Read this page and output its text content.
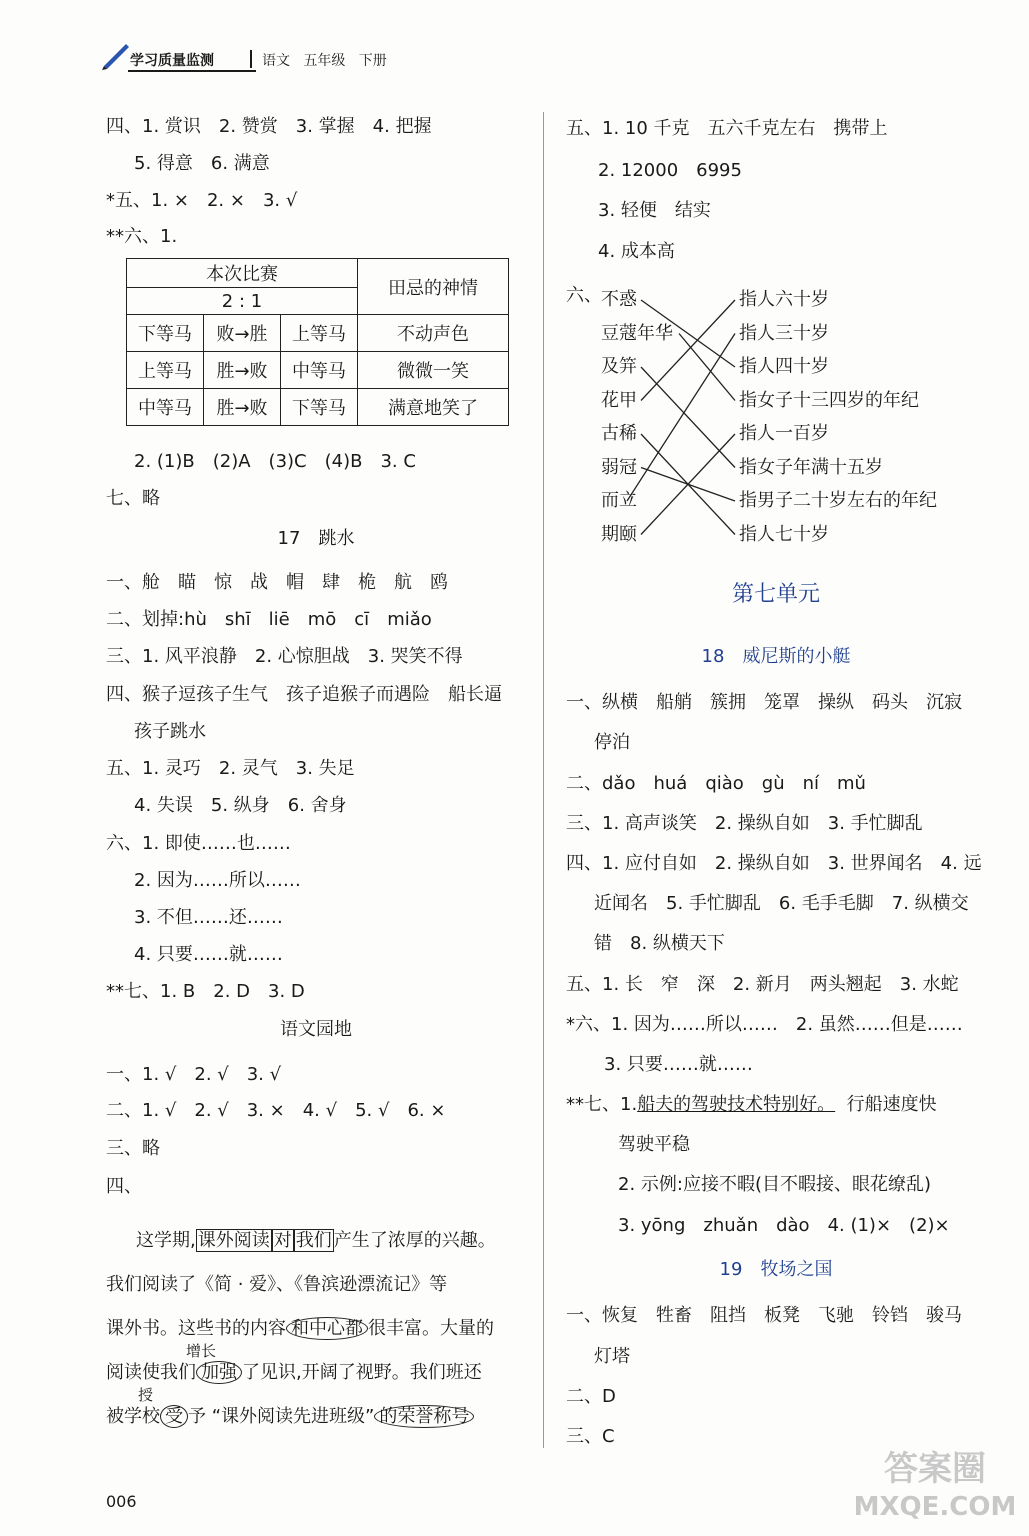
学习质量监测	语文 五年级 下册
四、1. 赏识　2. 赞赏　3. 掌握　4. 把握
5. 得意　6. 满意
*五、1. ×　2. ×　3. √
**六、1.
本次比赛			田忌的神情
2 : 1			
下等马	败→胜	上等马	不动声色
上等马	胜→败	中等马	微微一笑
中等马	胜→败	下等马	满意地笑了
2. (1)B　(2)A　(3)C　(4)B　3. C
七、略
17　跳水
一、舱　瞄　惊　战　帽　肆　桅　航　鸥
二、划掉:hù　shī　liē　mō　cī　miǎo
三、1. 风平浪静　2. 心惊胆战　3. 哭笑不得
四、猴子逗孩子生气　孩子追猴子而遇险　船长逼
孩子跳水
五、1. 灵巧　2. 灵气　3. 失足
4. 失误　5. 纵身　6. 舍身
六、1. 即使……也……
2. 因为……所以……
3. 不但……还……
4. 只要……就……
**七、1. B　2. D　3. D
语文园地
一、1. √　2. √　3. √
二、1. √　2. √　3. ×　4. √　5. √　6. ×
三、略
四、
这学期, 课外阅读 对 我们 产生了浓厚的兴趣。
我们阅读了《简 · 爱》、《鲁滨逊漂流记》等
课外书。这些书的内容 和中心都 很丰富。大量的
增长
阅读使我们 加强 了见识,开阔了视野。我们班还
授
被学校 受 予 “课外阅读先进班级” 的荣誉称号
五、1. 10 千克　五六千克左右　携带上
2. 12000　6995
3. 轻便　结实
4. 成本高
六、 不惑
豆蔻年华
及笄
花甲
古稀
弱冠
而立
期颐
指人六十岁
指人三十岁
指人四十岁
指女子十三四岁的年纪
指人一百岁
指女子年满十五岁
指男子二十岁左右的年纪
指人七十岁
第七单元
18　威尼斯的小艇
一、纵横　船艄　簇拥　笼罩　操纵　码头　沉寂
停泊
二、dǎo　huá　qiào　gù　ní　mǔ
三、1. 高声谈笑　2. 操纵自如　3. 手忙脚乱
四、1. 应付自如　2. 操纵自如　3. 世界闻名　4. 远
近闻名　5. 手忙脚乱　6. 毛手毛脚　7. 纵横交
错　8. 纵横天下
五、1. 长　窄　深　2. 新月　两头翘起　3. 水蛇
*六、1. 因为……所以……　2. 虽然……但是……
3. 只要……就……
**七、1.船夫的驾驶技术特别好。 行船速度快
驾驶平稳
2. 示例:应接不暇(目不暇接、眼花缭乱)
3. yōng　zhuǎn　dào　4. (1)×　(2)×
19　牧场之国
一、恢复　牲畜　阻挡　板凳　飞驰　铃铛　骏马
灯塔
二、D
三、C
006
答案圈
MXQE.COM
